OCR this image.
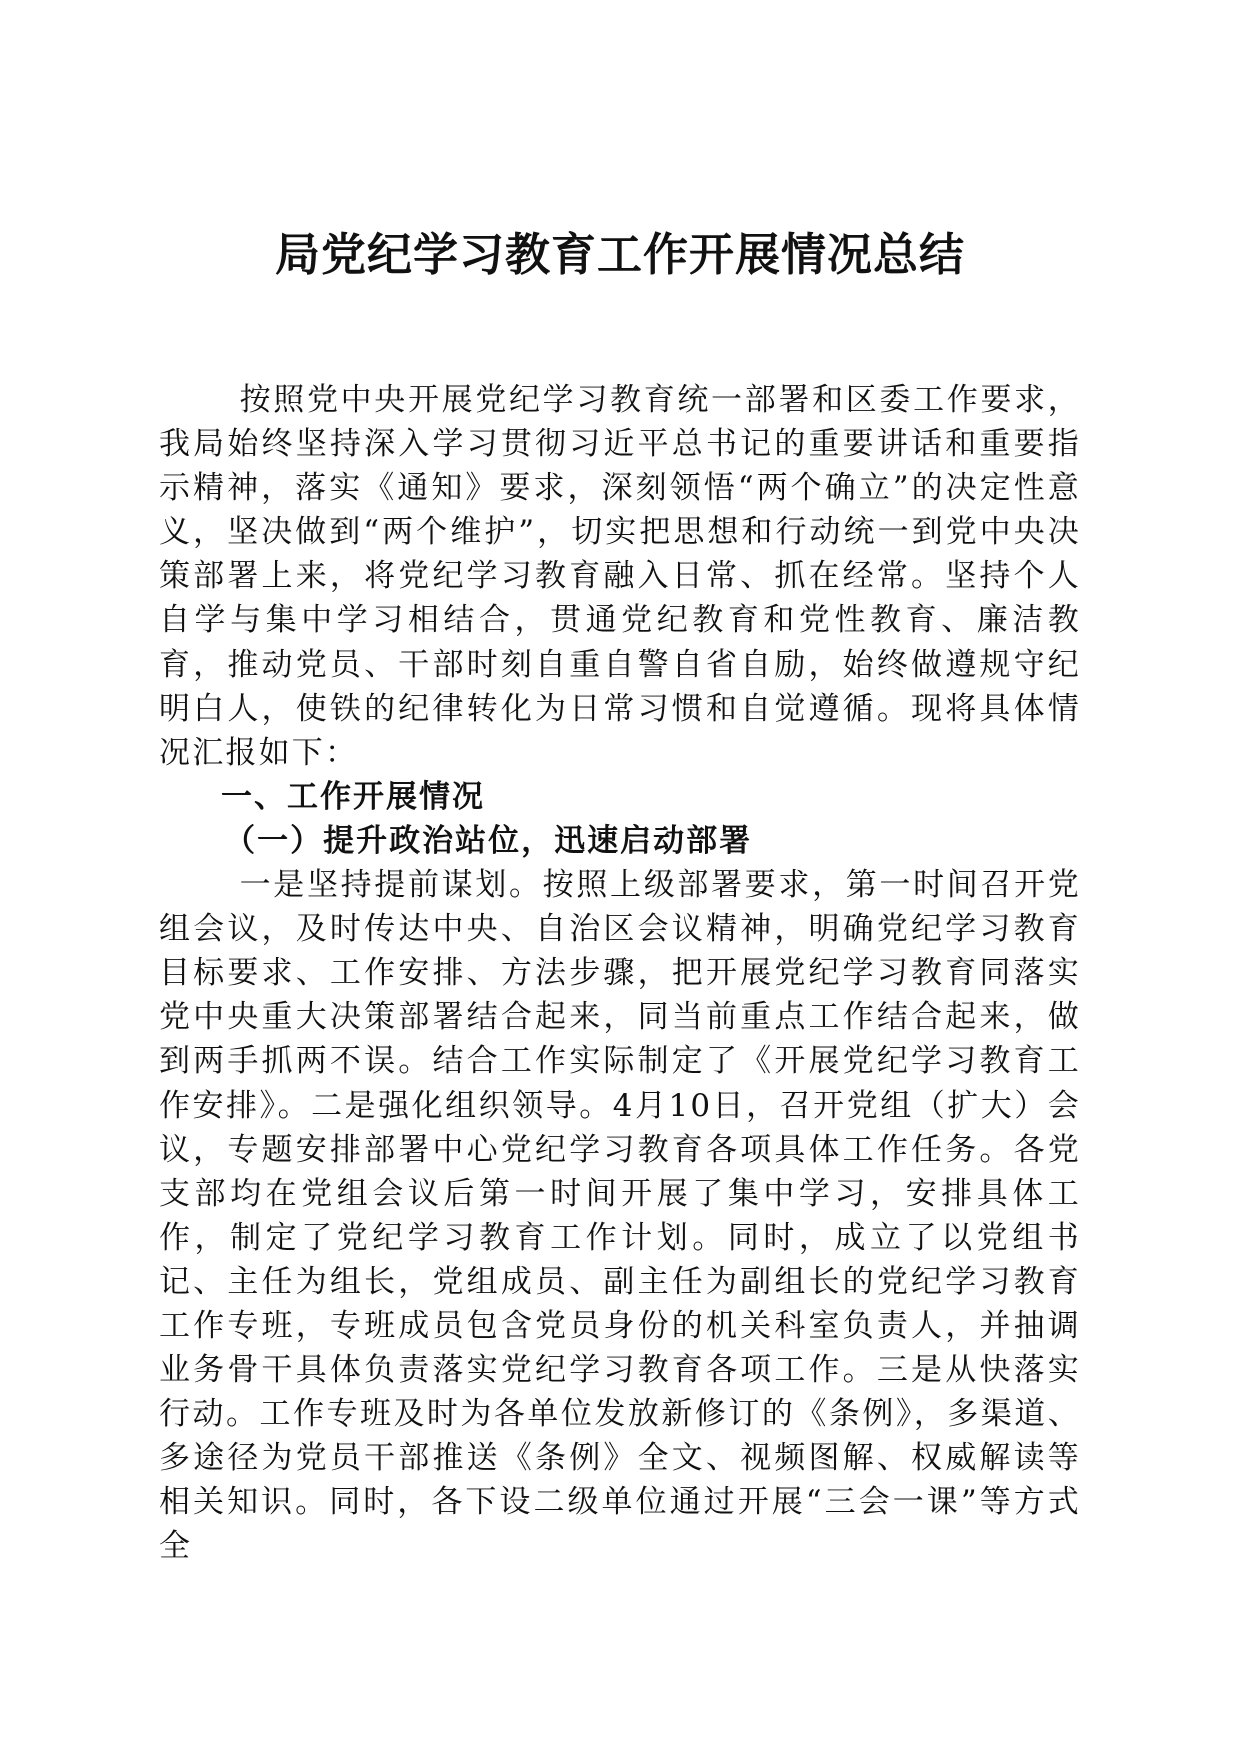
局党纪学习教育工作开展情况总结

按照党中央开展党纪学习教育统一部署和区委工作要求，我局始终坚持深入学习贯彻习近平总书记的重要讲话和重要指示精神，落实《通知》要求，深刻领悟“两个确立”的决定性意义，坚决做到“两个维护”，切实把思想和行动统一到党中央决策部署上来，将党纪学习教育融入日常、抓在经常。坚持个人自学与集中学习相结合，贯通党纪教育和党性教育、廉洁教育，推动党员、干部时刻自重自警自省自励，始终做遵规守纪明白人，使铁的纪律转化为日常习惯和自觉遵循。现将具体情况汇报如下：

一、工作开展情况
（一）提升政治站位，迅速启动部署

一是坚持提前谋划。按照上级部署要求，第一时间召开党组会议，及时传达中央、自治区会议精神，明确党纪学习教育目标要求、工作安排、方法步骤，把开展党纪学习教育同落实党中央重大决策部署结合起来，同当前重点工作结合起来，做到两手抓两不误。结合工作实际制定了《开展党纪学习教育工作安排》。二是强化组织领导。4月10日，召开党组（扩大）会议，专题安排部署中心党纪学习教育各项具体工作任务。各党支部均在党组会议后第一时间开展了集中学习，安排具体工作，制定了党纪学习教育工作计划。同时，成立了以党组书记、主任为组长，党组成员、副主任为副组长的党纪学习教育工作专班，专班成员包含党员身份的机关科室负责人，并抽调业务骨干具体负责落实党纪学习教育各项工作。三是从快落实行动。工作专班及时为各单位发放新修订的《条例》，多渠道、多途径为党员干部推送《条例》全文、视频图解、权威解读等相关知识。同时，各下设二级单位通过开展“三会一课”等方式全
